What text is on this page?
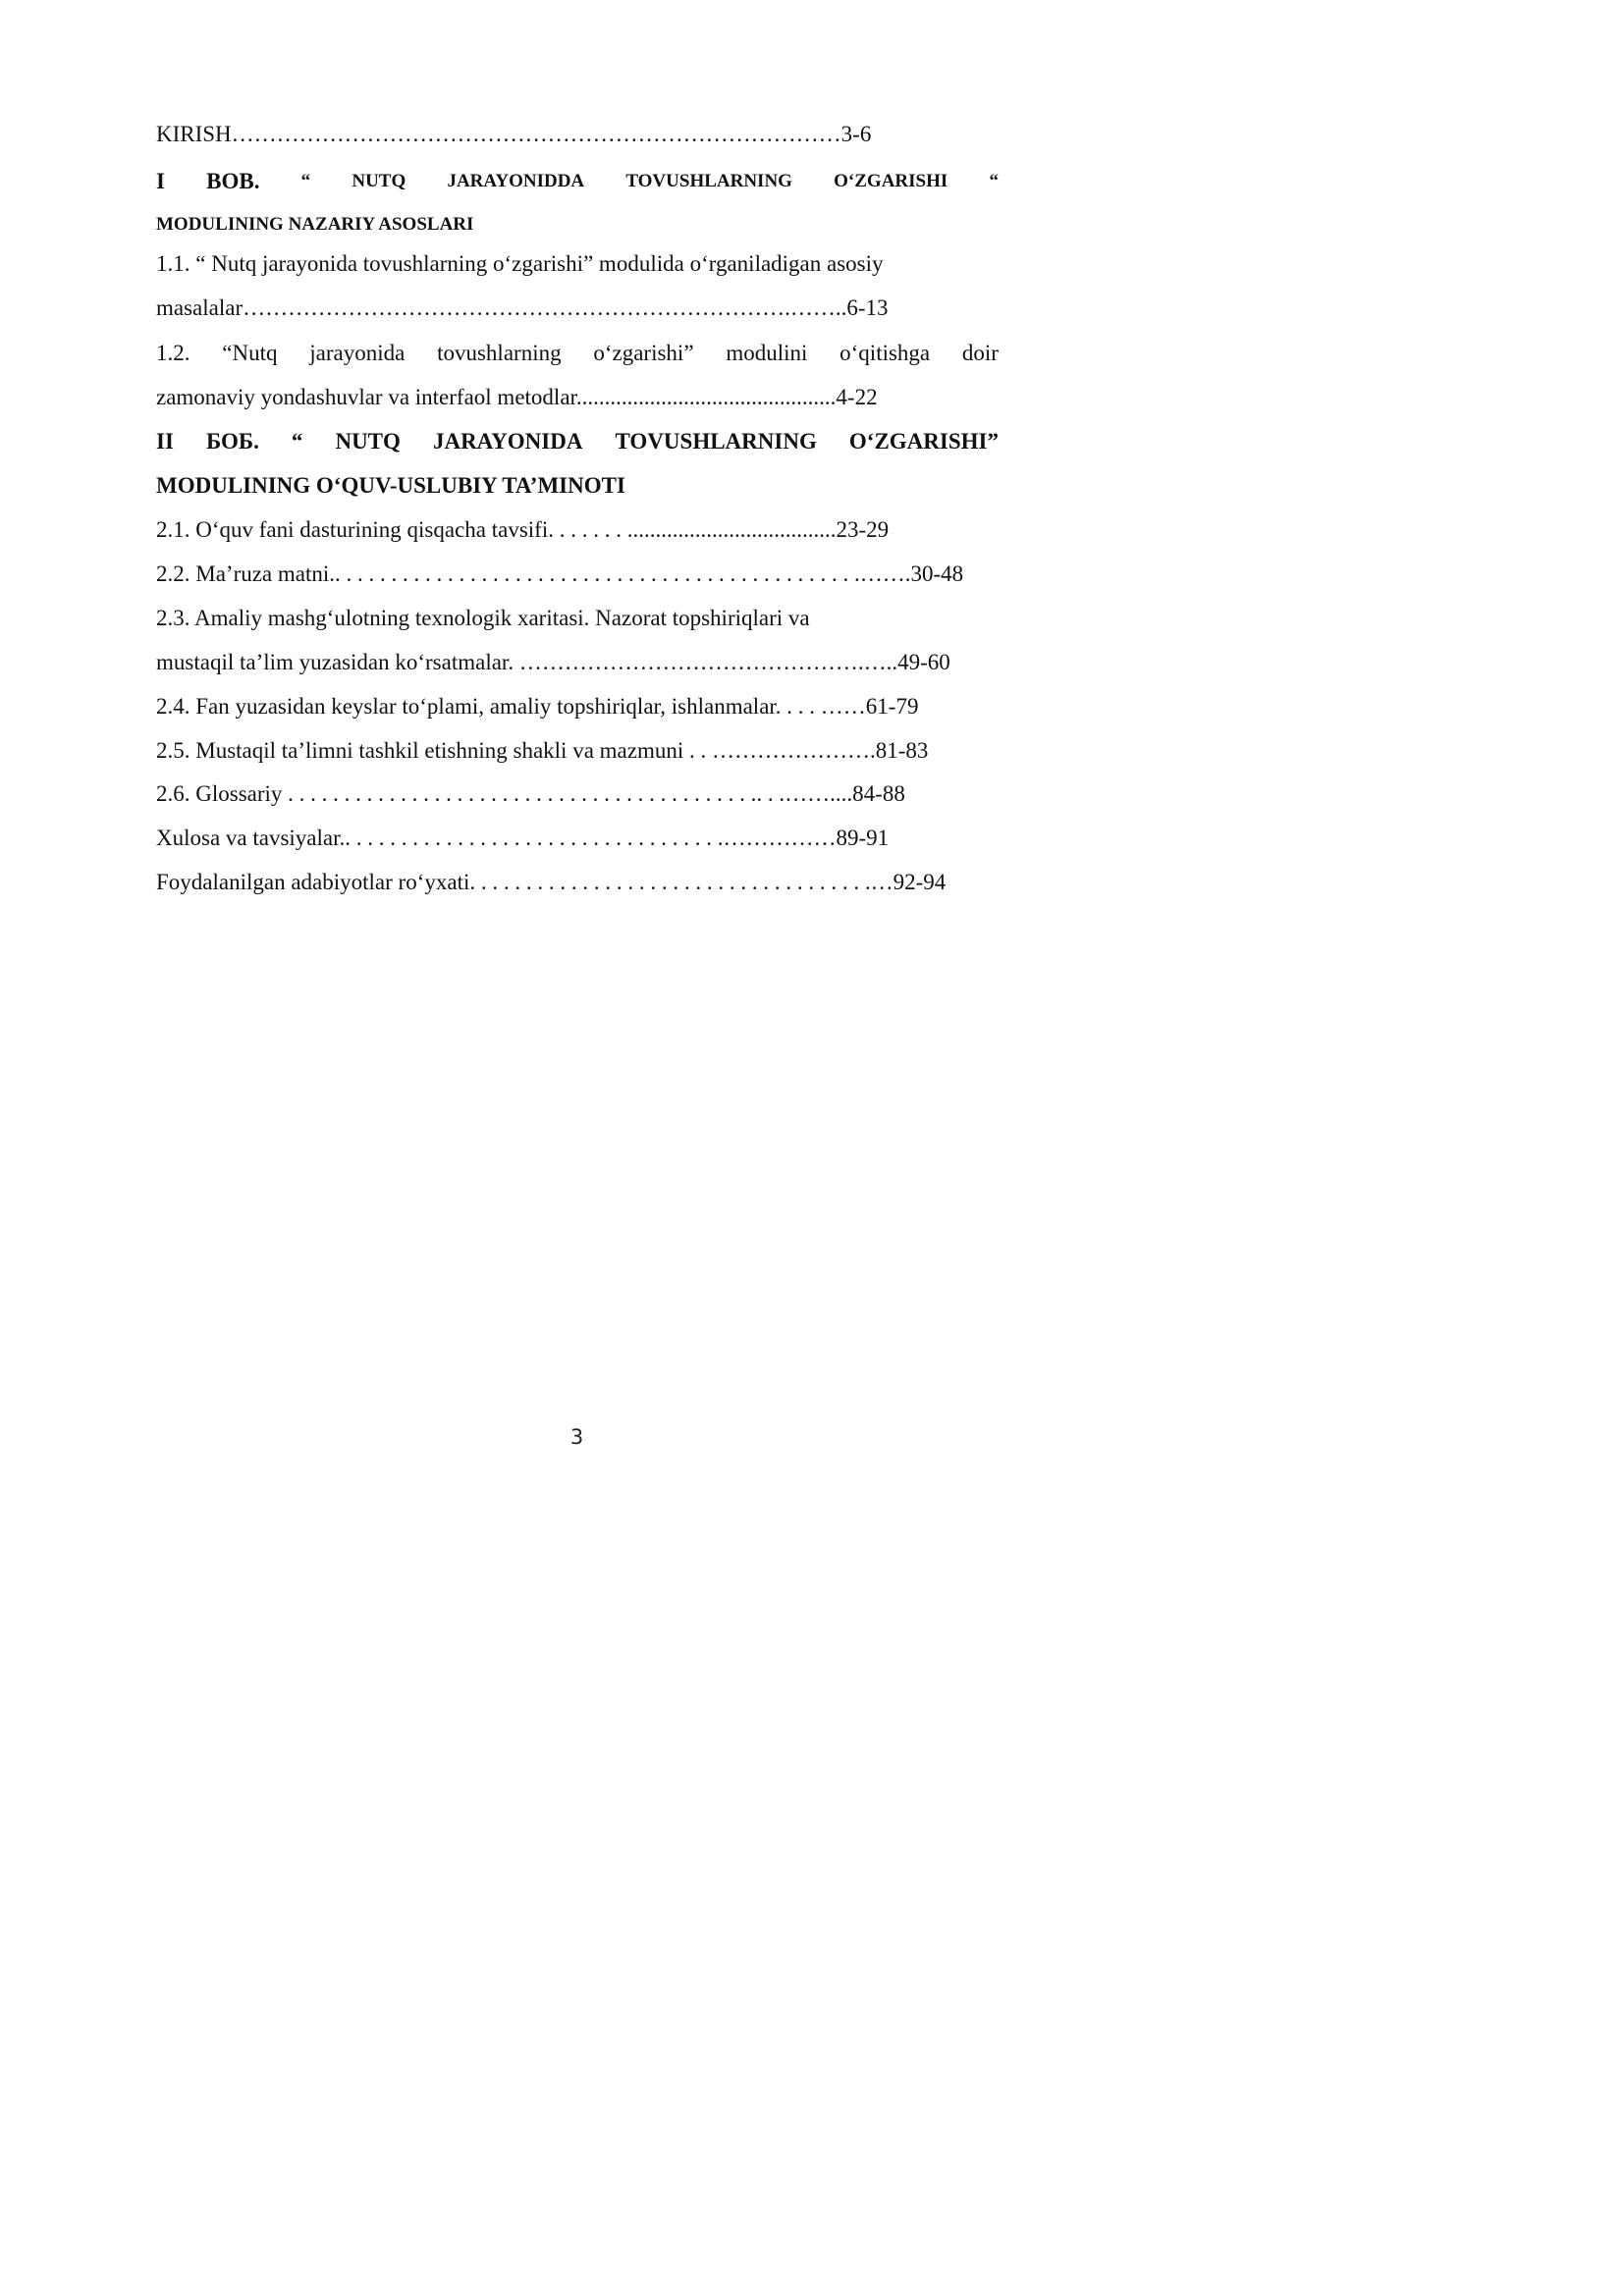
KIRISH………………………………………………………………………3-6
I BOB. “ NUTQ JARAYONIDDA TOVUSHLARNING O‘ZGARISHI “
MODULINING NAZARIY ASOSLARI
1.1. “ Nutq jarayonida tovushlarning o‘zgarishi” modulida o‘rganiladigan asosiy
masalalar……………………………………………………………….……..6-13
1.2. “Nutq jarayonida tovushlarning o‘zgarishi” modulini o‘qitishga doir
zamonaviy yondashuvlar va interfaol metodlar..............................................4-22
II БОБ. “ NUTQ JARAYONIDA TOVUSHLARNING O‘ZGARISHI”
MODULINING O‘QUV-USLUBIY TA’MINOTI
2.1. O‘quv fani dasturining qisqacha tavsifi. . . . . . . .....................................23-29
2.2. Ma’ruza matni.. . . . . . . . . . . . . . . . . . . . . . . . . . . . . . . . . . . . . . . . . . . . . . .…….30-48
2.3. Amaliy mashg‘ulotning texnologik xaritasi. Nazorat topshiriqlari va
mustaqil ta’lim yuzasidan ko‘rsatmalar. ……………………………………….…..49-60
2.4. Fan yuzasidan keyslar to‘plami, amaliy topshiriqlar, ishlanmalar. . . . ……61-79
2.5. Mustaqil ta’limni tashkil etishning shakli va mazmuni . . ………………….81-83
2.6. Glossariy . . . . . . . . . . . . . . . . . . . . . . . . . . . . . . . . . . . . . . . . . .. . .……....84-88
Xulosa va tavsiyalar.. . . . . . . . . . . . . . . . . . . . . . . . . . . . . . . . . .……………89-91
Foydalanilgan adabiyotlar ro‘yxati. . . . . . . . . . . . . . . . . . . . . . . . . . . . . . . . . . . .…92-94
3
